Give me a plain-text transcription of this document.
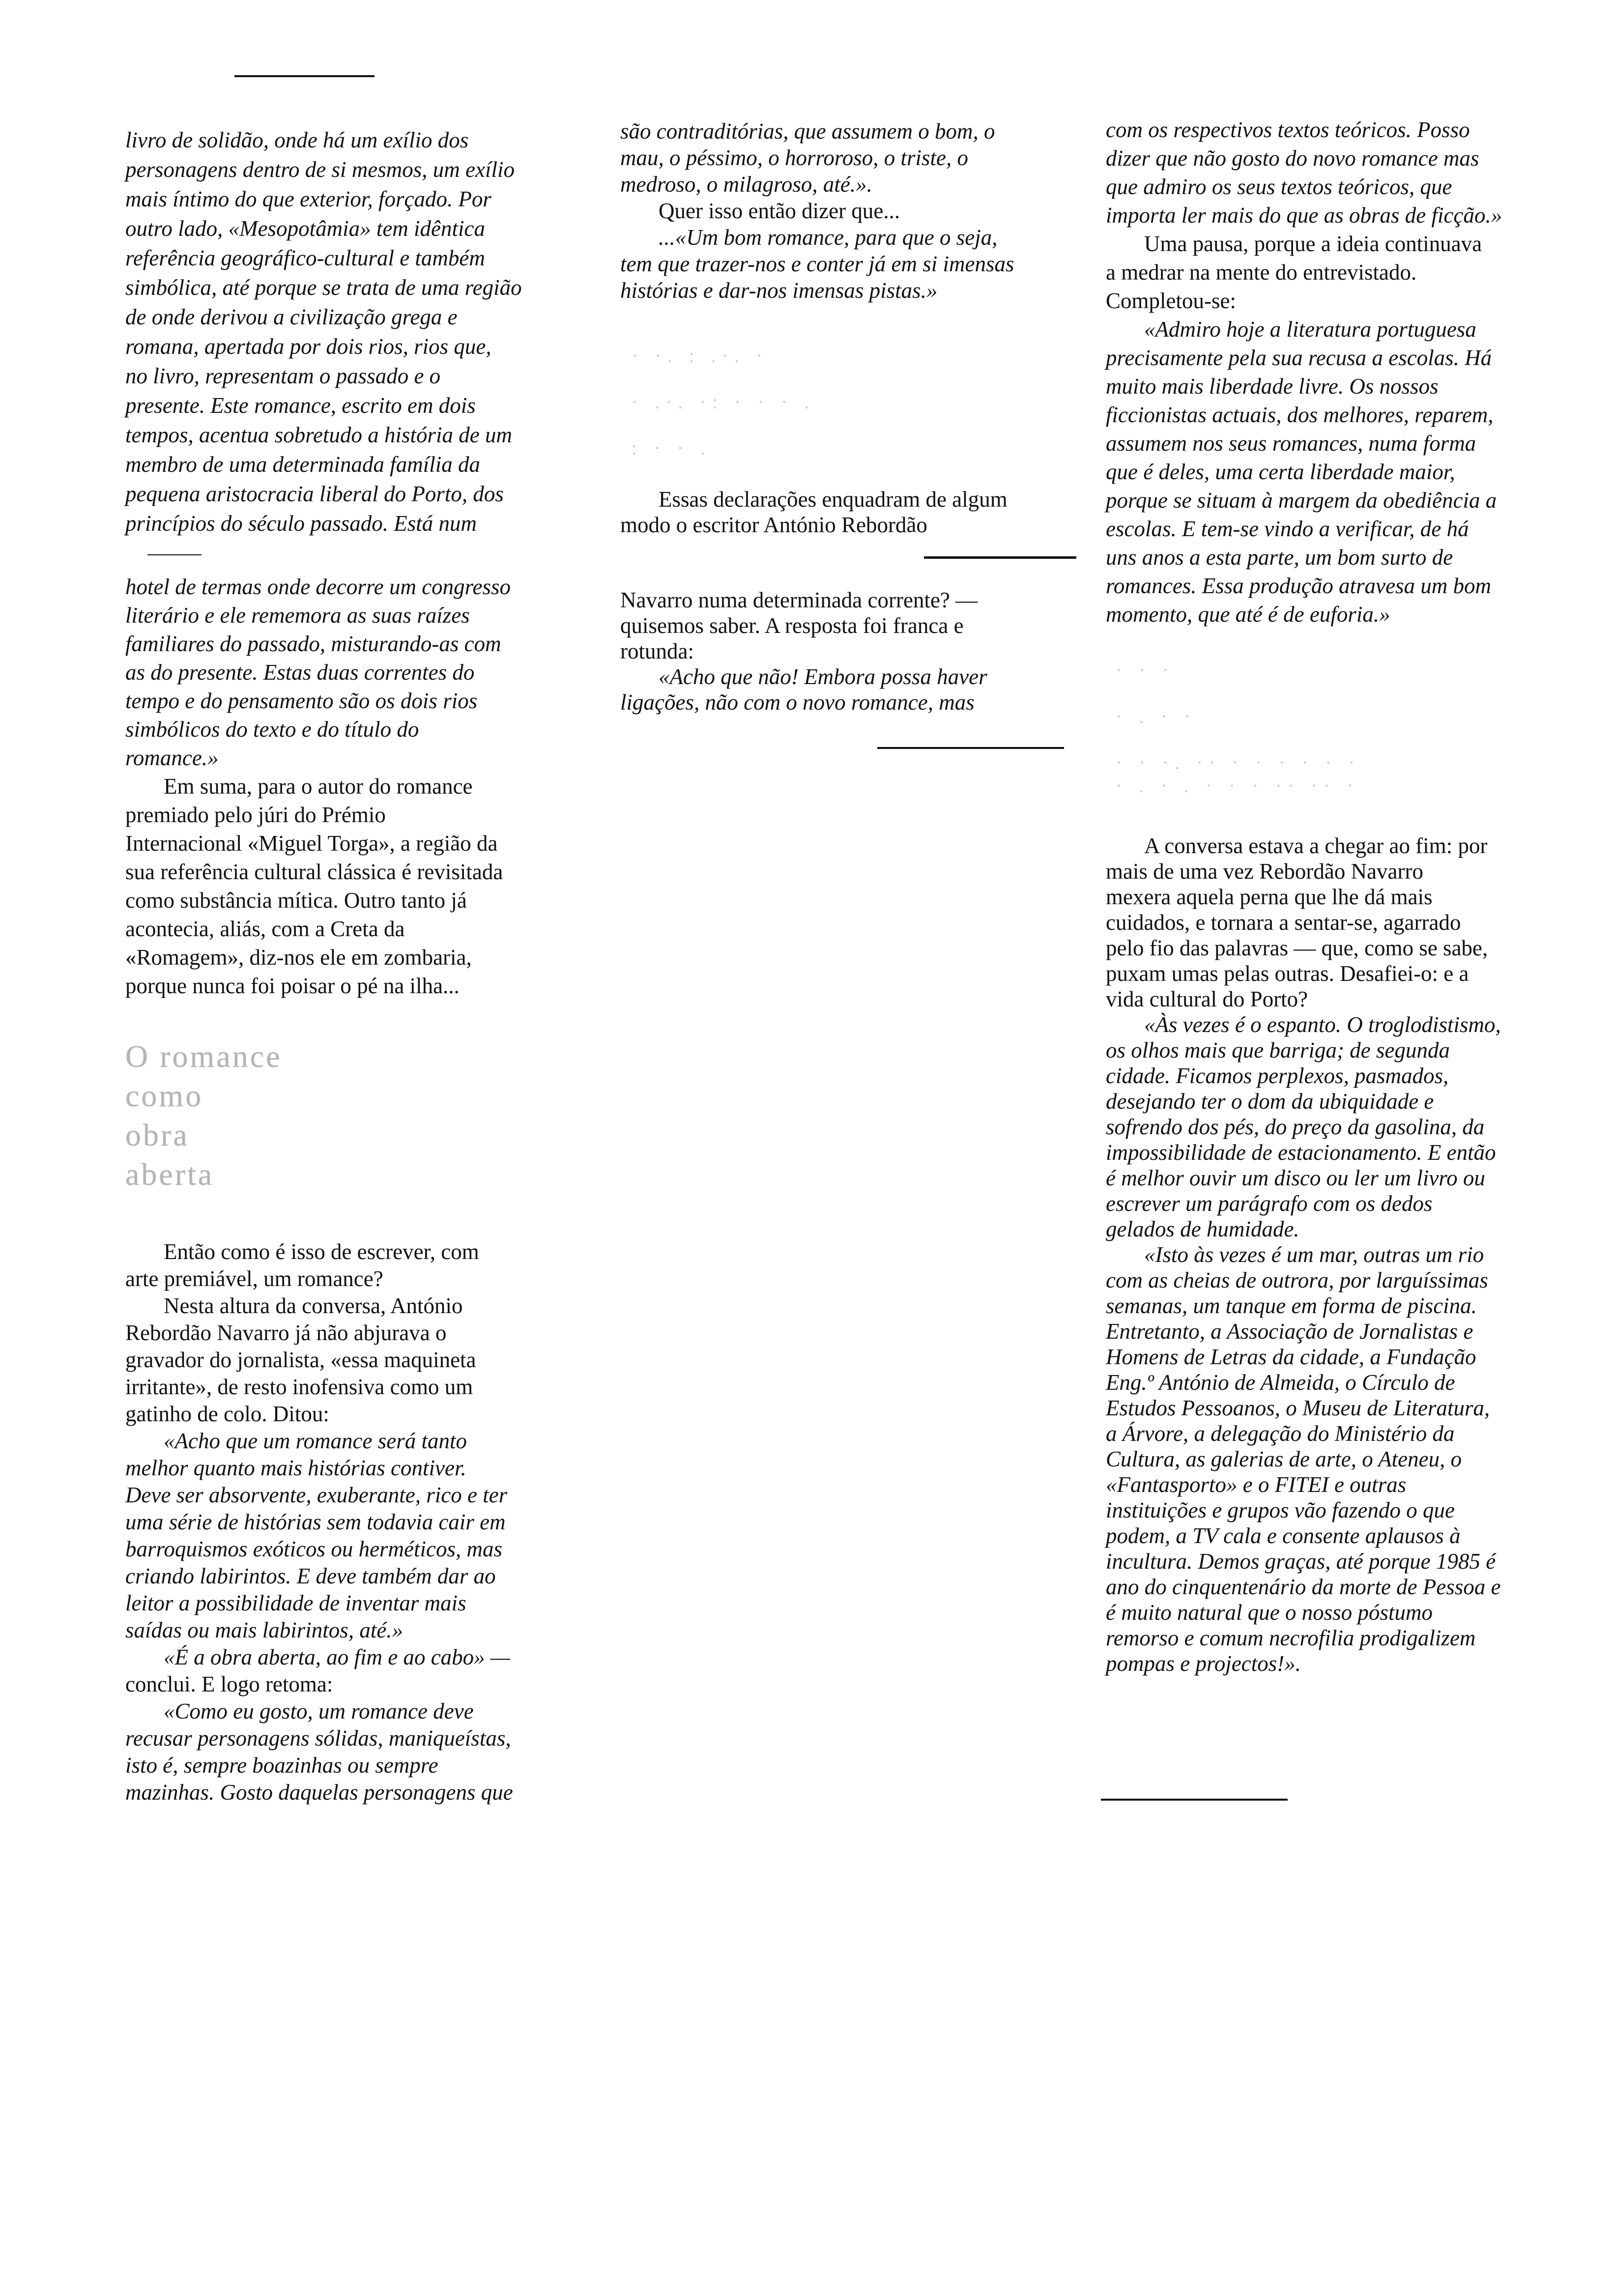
· ·. : .·. ·

· .·. ·: · · · .

: · · .
· · ·

· . · ·

· · ·. ·· · · · · · ·
· . · . · · · ·· ·· ·
livro de solidão, onde há um exílio dos
personagens dentro de si mesmos, um exílio
mais íntimo do que exterior, forçado. Por
outro lado, «Mesopotâmia» tem idêntica
referência geográfico-cultural e também
simbólica, até porque se trata de uma região
de onde derivou a civilização grega e
romana, apertada por dois rios, rios que,
no livro, representam o passado e o
presente. Este romance, escrito em dois
tempos, acentua sobretudo a história de um
membro de uma determinada família da
pequena aristocracia liberal do Porto, dos
princípios do século passado. Está num
hotel de termas onde decorre um congresso
literário e ele rememora as suas raízes
familiares do passado, misturando-as com
as do presente. Estas duas correntes do
tempo e do pensamento são os dois rios
simbólicos do texto e do título do
romance.»
Em suma, para o autor do romance
premiado pelo júri do Prémio
Internacional «Miguel Torga», a região da
sua referência cultural clássica é revisitada
como substância mítica. Outro tanto já
acontecia, aliás, com a Creta da
«Romagem», diz-nos ele em zombaria,
porque nunca foi poisar o pé na ilha...
O romance
como
obra
aberta
Então como é isso de escrever, com
arte premiável, um romance?
Nesta altura da conversa, António
Rebordão Navarro já não abjurava o
gravador do jornalista, «essa maquineta
irritante», de resto inofensiva como um
gatinho de colo. Ditou:
«Acho que um romance será tanto
melhor quanto mais histórias contiver.
Deve ser absorvente, exuberante, rico e ter
uma série de histórias sem todavia cair em
barroquismos exóticos ou herméticos, mas
criando labirintos. E deve também dar ao
leitor a possibilidade de inventar mais
saídas ou mais labirintos, até.»
«É a obra aberta, ao fim e ao cabo» —
conclui. E logo retoma:
«Como eu gosto, um romance deve
recusar personagens sólidas, maniqueístas,
isto é, sempre boazinhas ou sempre
mazinhas. Gosto daquelas personagens que
são contraditórias, que assumem o bom, o
mau, o péssimo, o horroroso, o triste, o
medroso, o milagroso, até.».
Quer isso então dizer que...
...«Um bom romance, para que o seja,
tem que trazer-nos e conter já em si imensas
histórias e dar-nos imensas pistas.»
Essas declarações enquadram de algum
modo o escritor António Rebordão
Navarro numa determinada corrente? —
quisemos saber. A resposta foi franca e
rotunda:
«Acho que não! Embora possa haver
ligações, não com o novo romance, mas
com os respectivos textos teóricos. Posso
dizer que não gosto do novo romance mas
que admiro os seus textos teóricos, que
importa ler mais do que as obras de ficção.»
Uma pausa, porque a ideia continuava
a medrar na mente do entrevistado.
Completou-se:
«Admiro hoje a literatura portuguesa
precisamente pela sua recusa a escolas. Há
muito mais liberdade livre. Os nossos
ficcionistas actuais, dos melhores, reparem,
assumem nos seus romances, numa forma
que é deles, uma certa liberdade maior,
porque se situam à margem da obediência a
escolas. E tem-se vindo a verificar, de há
uns anos a esta parte, um bom surto de
romances. Essa produção atravesa um bom
momento, que até é de euforia.»
A conversa estava a chegar ao fim: por
mais de uma vez Rebordão Navarro
mexera aquela perna que lhe dá mais
cuidados, e tornara a sentar-se, agarrado
pelo fio das palavras — que, como se sabe,
puxam umas pelas outras. Desafiei-o: e a
vida cultural do Porto?
«Às vezes é o espanto. O troglodistismo,
os olhos mais que barriga; de segunda
cidade. Ficamos perplexos, pasmados,
desejando ter o dom da ubiquidade e
sofrendo dos pés, do preço da gasolina, da
impossibilidade de estacionamento. E então
é melhor ouvir um disco ou ler um livro ou
escrever um parágrafo com os dedos
gelados de humidade.
«Isto às vezes é um mar, outras um rio
com as cheias de outrora, por larguíssimas
semanas, um tanque em forma de piscina.
Entretanto, a Associação de Jornalistas e
Homens de Letras da cidade, a Fundação
Eng.º António de Almeida, o Círculo de
Estudos Pessoanos, o Museu de Literatura,
a Árvore, a delegação do Ministério da
Cultura, as galerias de arte, o Ateneu, o
«Fantasporto» e o FITEI e outras
instituições e grupos vão fazendo o que
podem, a TV cala e consente aplausos à
incultura. Demos graças, até porque 1985 é
ano do cinquentenário da morte de Pessoa e
é muito natural que o nosso póstumo
remorso e comum necrofilia prodigalizem
pompas e projectos!».
